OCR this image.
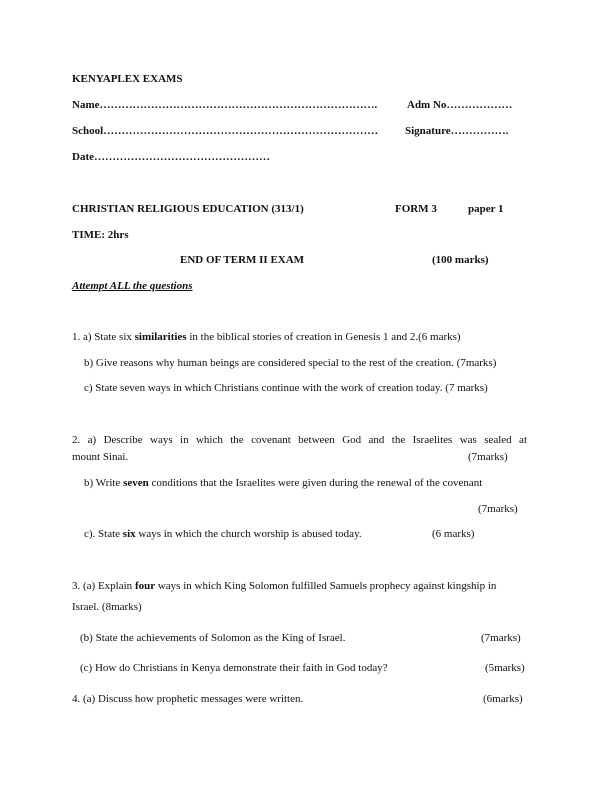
KENYAPLEX EXAMS
Name………………………………………………………………….	Adm No………………
School………………………………………………………………… Signature…………….
Date…………………………………………
CHRISTIAN RELIGIOUS EDUCATION (313/1)	FORM 3	paper 1
TIME: 2hrs
END OF TERM II EXAM	(100 marks)
Attempt ALL the questions
1. a) State six similarities in the biblical stories of creation in Genesis 1 and 2.(6 marks)
b) Give reasons why human beings are considered special to the rest of the creation. (7marks)
c) State seven ways in which Christians continue with the work of creation today. (7 marks)
2. a) Describe ways in which the covenant between God and the Israelites was sealed at
mount Sinai.	(7marks)
b) Write seven conditions that the Israelites were given during the renewal of the covenant
(7marks)
c). State six ways in which the church worship is abused today.	(6 marks)
3. (a) Explain four ways in which King Solomon fulfilled Samuels prophecy against kingship in
Israel. (8marks)
(b) State the achievements of Solomon as the King of Israel.	(7marks)
(c) How do Christians in Kenya demonstrate their faith in God today?	(5marks)
4. (a) Discuss how prophetic messages were written.	(6marks)
